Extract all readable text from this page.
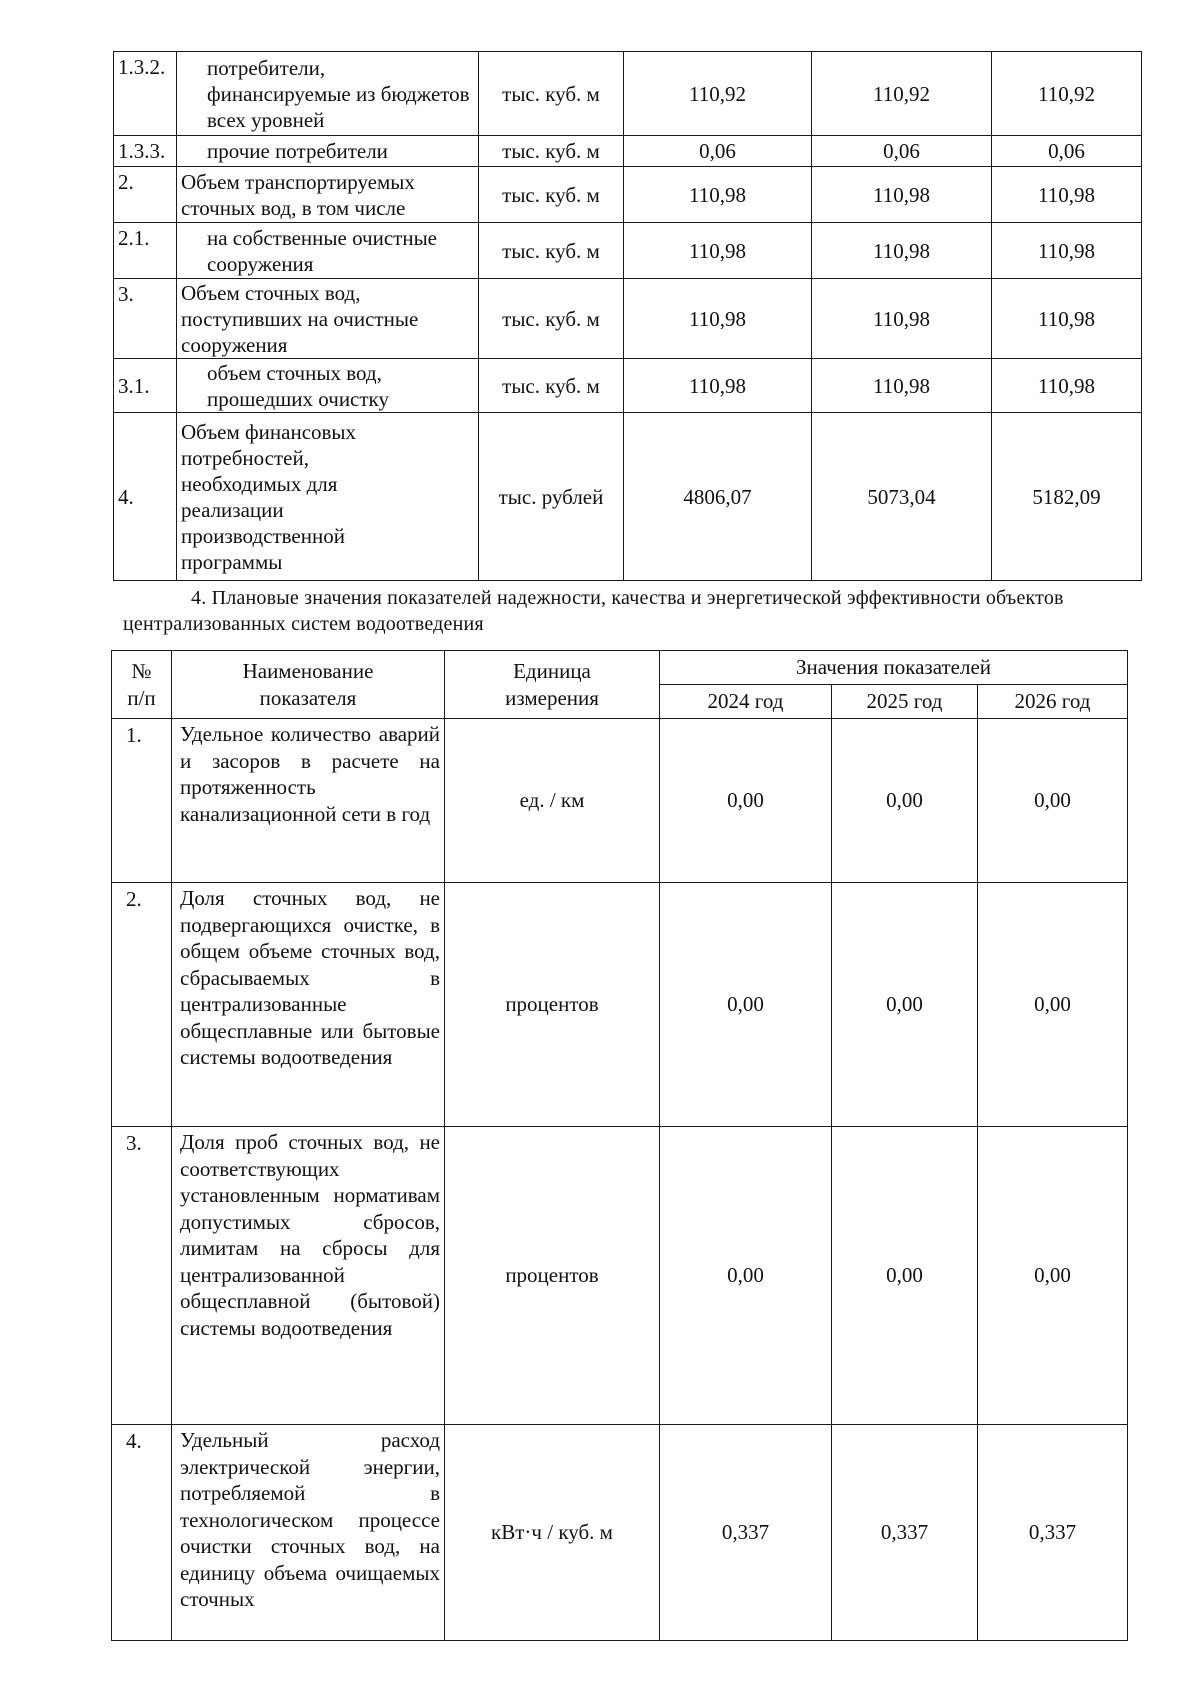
1.3.2.	потребители, финансируемые из бюджетов всех уровней	тыс. куб. м	110,92	110,92	110,92
1.3.3.	прочие потребители	тыс. куб. м	0,06	0,06	0,06
2.	Объем транспортируемых сточных вод, в том числе	тыс. куб. м	110,98	110,98	110,98
2.1.	на собственные очистные сооружения	тыс. куб. м	110,98	110,98	110,98
3.	Объем сточных вод, поступивших на очистные сооружения	тыс. куб. м	110,98	110,98	110,98
3.1.	объем сточных вод, прошедших очистку	тыс. куб. м	110,98	110,98	110,98
4.	Объем финансовых потребностей, необходимых для реализации производственной программы	тыс. рублей	4806,07	5073,04	5182,09
4. Плановые значения показателей надежности, качества и энергетической эффективности объектов централизованных систем водоотведения
№ п/п	Наименование показателя	Единица измерения	Значения показателей		
			2024 год	2025 год	2026 год
1.	Удельное количество аварий и засоров в расчете на протяженность канализационной сети в год	ед. / км	0,00	0,00	0,00
2.	Доля сточных вод, не подвергающихся очистке, в общем объеме сточных вод, сбрасываемых в централизованные общесплавные или бытовые системы водоотведения	процентов	0,00	0,00	0,00
3.	Доля проб сточных вод, не соответствующих установленным нормативам допустимых сбросов, лимитам на сбросы для централизованной общесплавной (бытовой) системы водоотведения	процентов	0,00	0,00	0,00
4.	Удельный расход электрической энергии, потребляемой в технологическом процессе очистки сточных вод, на единицу объема очищаемых сточных	кВт·ч / куб. м	0,337	0,337	0,337
